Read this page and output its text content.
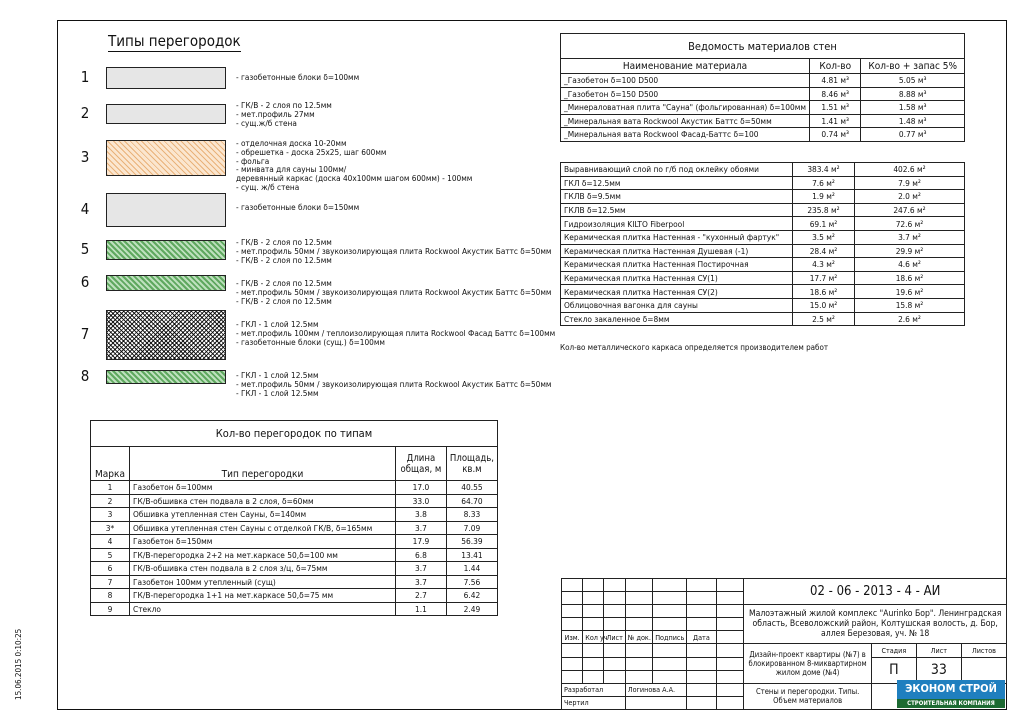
15.06.2015 0:10:25
Типы перегородок
1	- газобетонные блоки δ=100мм
2	- ГК/В - 2 слоя по 12.5мм
- мет.профиль 27мм
- сущ.ж/б стена
3
- отделочная доска 10-20мм
- обрешетка - доска 25х25, шаг 600мм
- фольга
- минвата для сауны 100мм/
деревянный каркас (доска 40х100мм шагом 600мм) - 100мм
- сущ. ж/б стена
4	- газобетонные блоки δ=150мм
5	- ГК/В - 2 слоя по 12.5мм
- мет.профиль 50мм / звукоизолирующая плита Rockwool Акустик Баттс δ=50мм
- ГК/В - 2 слоя по 12.5мм
6	- ГК/В - 2 слоя по 12.5мм
- мет.профиль 50мм / звукоизолирующая плита Rockwool Акустик Баттс δ=50мм
- ГК/В - 2 слоя по 12.5мм
7
- ГКЛ - 1 слой 12.5мм
- мет.профиль 100мм / теплоизолирующая плита Rockwool Фасад Баттс δ=100мм
- газобетонные блоки (сущ.) δ=100мм
8	- ГКЛ - 1 слой 12.5мм
- мет.профиль 50мм / звукоизолирующая плита Rockwool Акустик Баттс δ=50мм
- ГКЛ - 1 слой 12.5мм
Кол-во перегородок по типам			
Марка	Тип перегородки	Длина общая, м	Площадь, кв.м
1	Газобетон δ=100мм	17.0	40.55
2	ГК/В-обшивка стен подвала в 2 слоя, δ=60мм	33.0	64.70
3	Обшивка утепленная стен Сауны, δ=140мм	3.8	8.33
3*	Обшивка утепленная стен Сауны с отделкой ГК/В, δ=165мм	3.7	7.09
4	Газобетон δ=150мм	17.9	56.39
5	ГК/В-перегородка 2+2 на мет.каркасе 50,δ=100 мм	6.8	13.41
6	ГК/В-обшивка стен подвала в 2 слоя з/ц, δ=75мм	3.7	1.44
7	Газобетон 100мм утепленный (сущ)	3.7	7.56
8	ГК/В-перегородка 1+1 на мет.каркасе 50,δ=75 мм	2.7	6.42
9	Стекло	1.1	2.49
Ведомость материалов стен		
Наименование материала	Кол-во	Кол-во + запас 5%
_Газобетон δ=100 D500	4.81 м³	5.05 м³
_Газобетон δ=150 D500	8.46 м³	8.88 м³
_Минераловатная плита "Сауна" (фольгированная) δ=100мм	1.51 м³	1.58 м³
_Минеральная вата Rockwool Акустик Баттс δ=50мм	1.41 м³	1.48 м³
_Минеральная вата Rockwool Фасад-Баттс δ=100	0.74 м³	0.77 м³
Выравнивающий слой по г/б под оклейку обоями	383.4 м²	402.6 м²
ГКЛ δ=12.5мм	7.6 м²	7.9 м²
ГКЛВ δ=9.5мм	1.9 м²	2.0 м²
ГКЛВ δ=12.5мм	235.8 м²	247.6 м²
Гидроизоляция KILTO Fiberpool	69.1 м²	72.6 м²
Керамическая плитка Настенная - "кухонный фартук"	3.5 м²	3.7 м²
Керамическая плитка Настенная Душевая (-1)	28.4 м²	29.9 м²
Керамическая плитка Настенная Постирочная	4.3 м²	4.6 м²
Керамическая плитка Настенная СУ(1)	17.7 м²	18.6 м²
Керамическая плитка Настенная СУ(2)	18.6 м²	19.6 м²
Облицовочная вагонка для сауны	15.0 м²	15.8 м²
Стекло закаленное δ=8мм	2.5 м²	2.6 м²
Кол-во металлического каркаса определяется производителем работ
							02 - 06 - 2013 - 4 - АИ			

							Малоэтажный жилой комплекс "Aurinko Бор". Ленинградская область, Всеволожский район, Колтушская волость, д. Бор, аллея Березовая, уч. № 18			

Изм.	Кол уч	Лист	№ док.	Подпись	Дата					
							Дизайн-проект квартиры (№7) в блокированном 8-миквартирном жилом доме (№4)	Стадия	Лист	Листов
								П	33	

Разработал			Логинова А.А.				Стены и перегородки. Типы. Объем материалов			
Чертил										
ЭКОНОМ СТРОЙ
СТРОИТЕЛЬНАЯ КОМПАНИЯ
